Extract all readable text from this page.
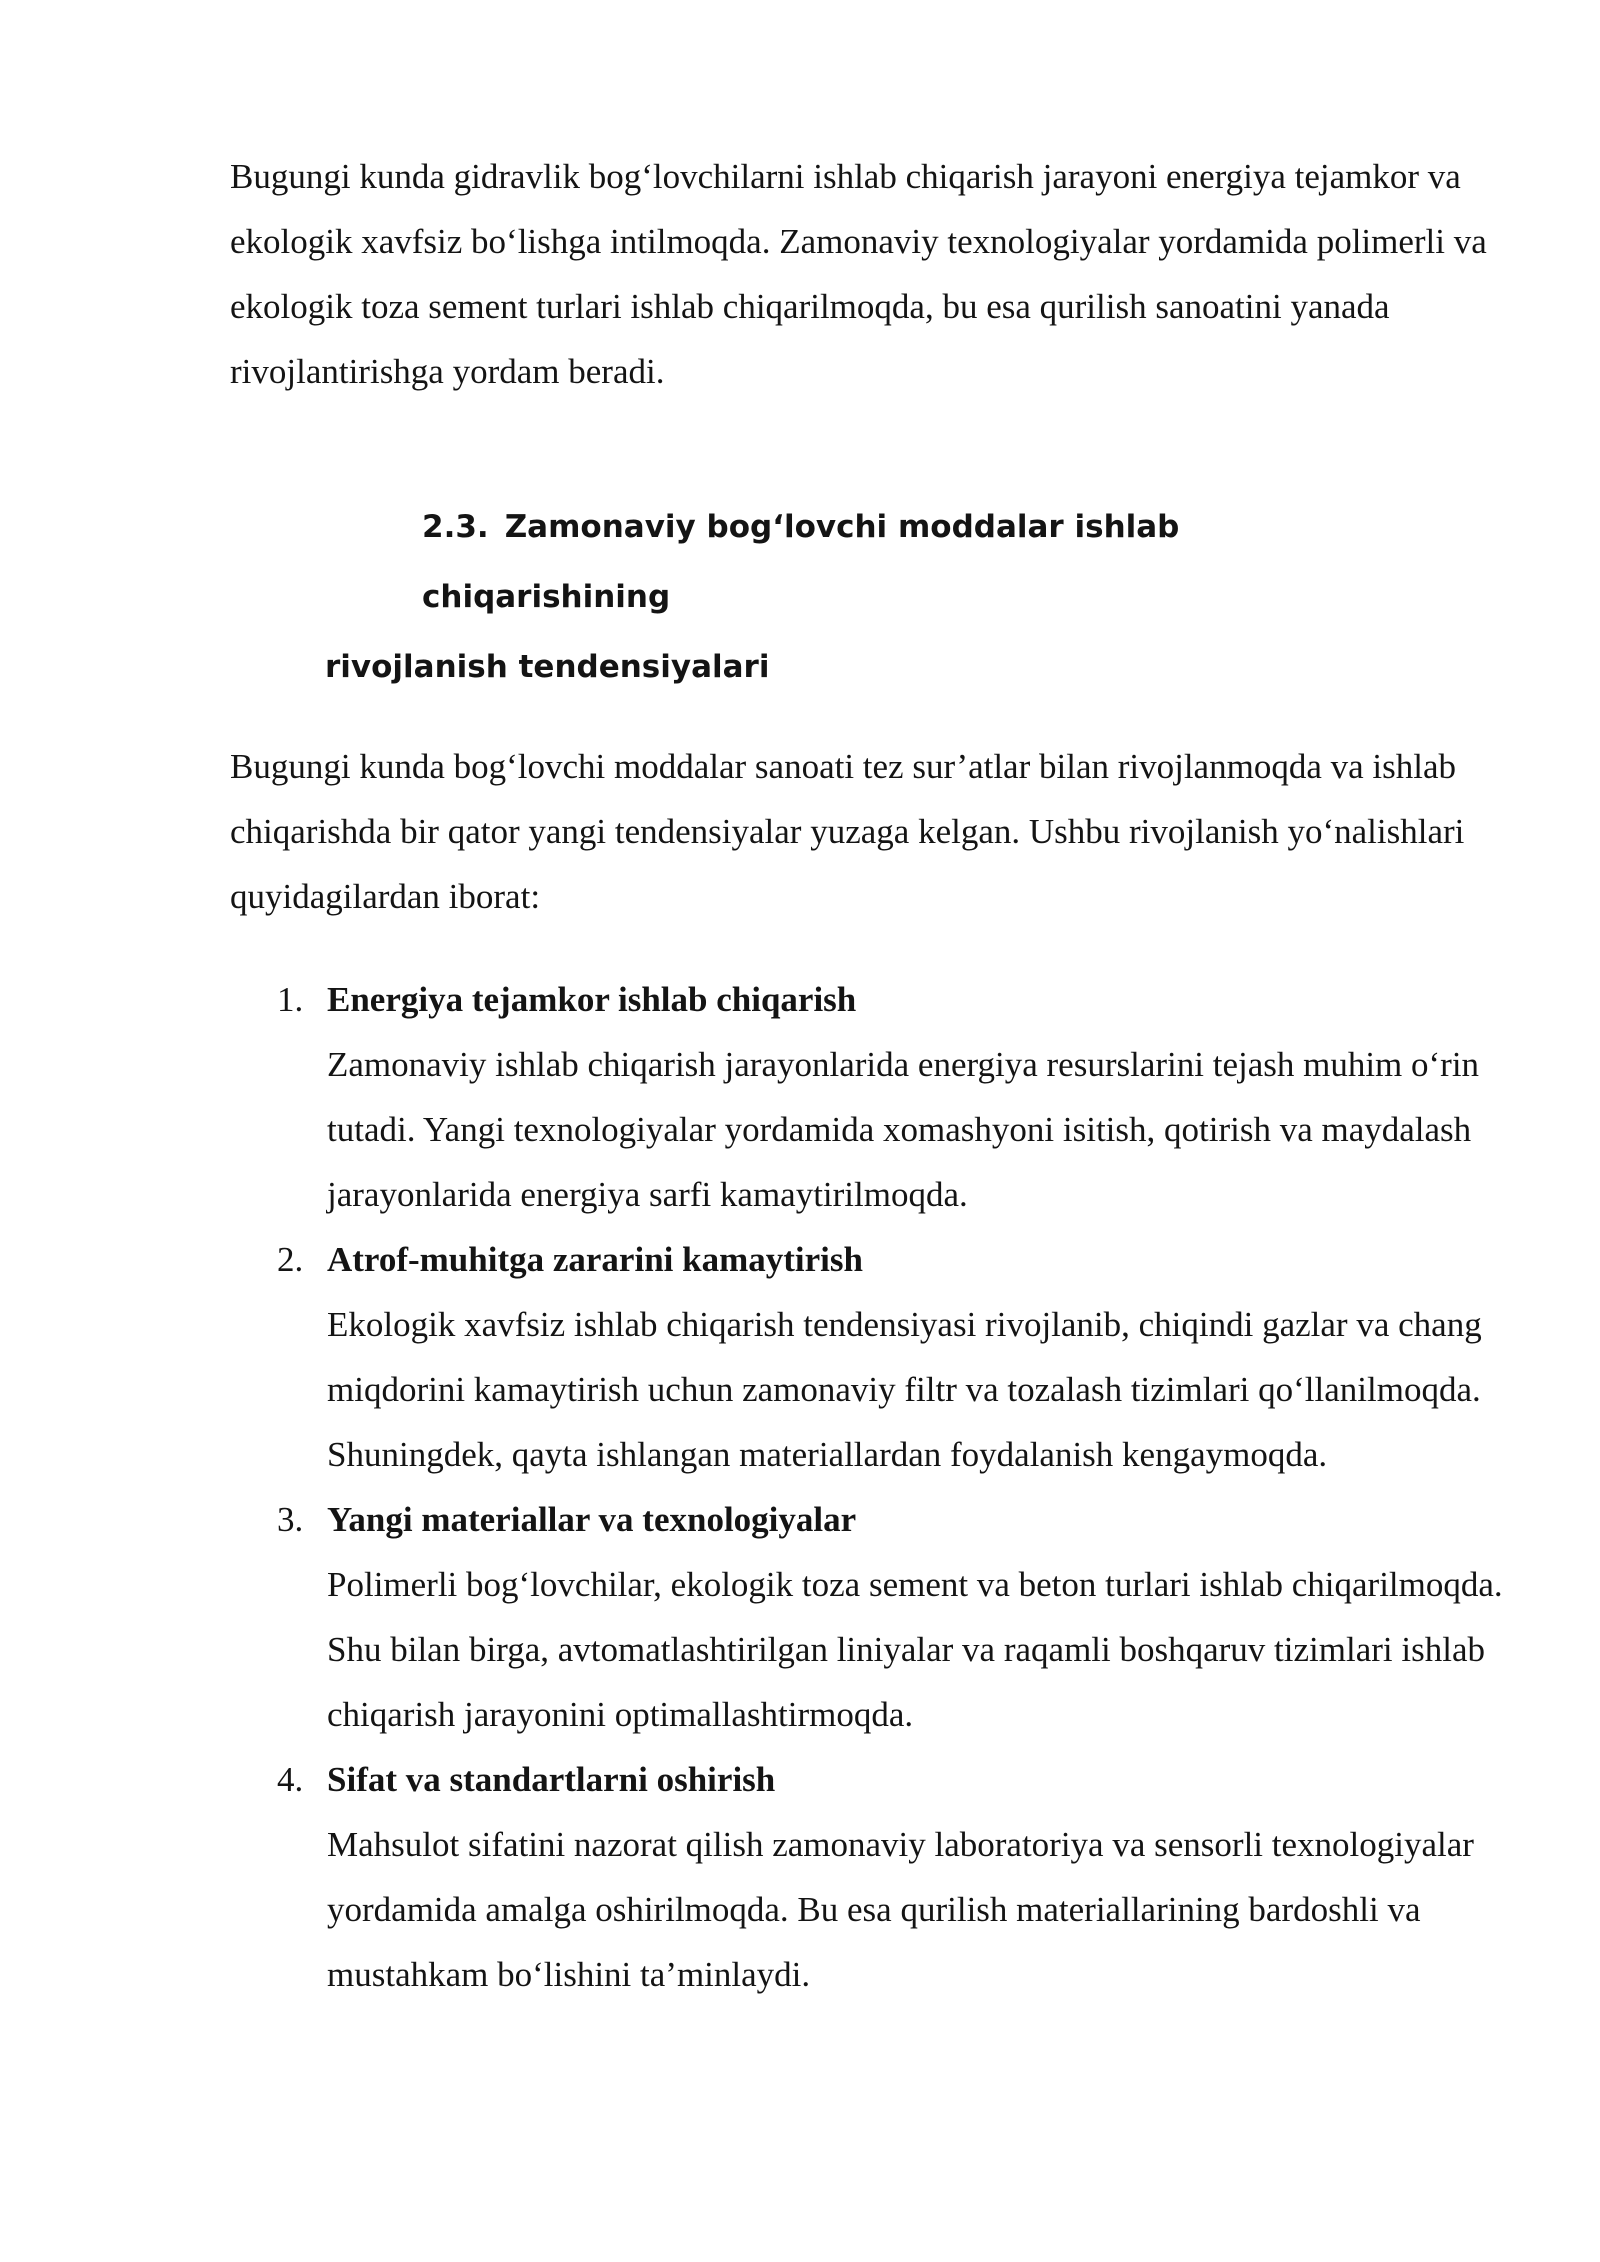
Bugungi kunda gidravlik bog‘lovchilarni ishlab chiqarish jarayoni energiya tejamkor va ekologik xavfsiz bo‘lishga intilmoqda. Zamonaviy texnologiyalar yordamida polimerli va ekologik toza sement turlari ishlab chiqarilmoqda, bu esa qurilish sanoatini yanada rivojlantirishga yordam beradi.

2.3. Zamonaviy bog‘lovchi moddalar ishlab chiqarishining
rivojlanish tendensiyalari

Bugungi kunda bog‘lovchi moddalar sanoati tez sur’atlar bilan rivojlanmoqda va ishlab chiqarishda bir qator yangi tendensiyalar yuzaga kelgan. Ushbu rivojlanish yo‘nalishlari quyidagilardan iborat:

1. Energiya tejamkor ishlab chiqarish
Zamonaviy ishlab chiqarish jarayonlarida energiya resurslarini tejash muhim o‘rin tutadi. Yangi texnologiyalar yordamida xomashyoni isitish, qotirish va maydalash jarayonlarida energiya sarfi kamaytirilmoqda.
2. Atrof-muhitga zararini kamaytirish
Ekologik xavfsiz ishlab chiqarish tendensiyasi rivojlanib, chiqindi gazlar va chang miqdorini kamaytirish uchun zamonaviy filtr va tozalash tizimlari qo‘llanilmoqda. Shuningdek, qayta ishlangan materiallardan foydalanish kengaymoqda.
3. Yangi materiallar va texnologiyalar
Polimerli bog‘lovchilar, ekologik toza sement va beton turlari ishlab chiqarilmoqda. Shu bilan birga, avtomatlashtirilgan liniyalar va raqamli boshqaruv tizimlari ishlab chiqarish jarayonini optimallashtirmoqda.
4. Sifat va standartlarni oshirish
Mahsulot sifatini nazorat qilish zamonaviy laboratoriya va sensorli texnologiyalar yordamida amalga oshirilmoqda. Bu esa qurilish materiallarining bardoshli va mustahkam bo‘lishini ta’minlaydi.
